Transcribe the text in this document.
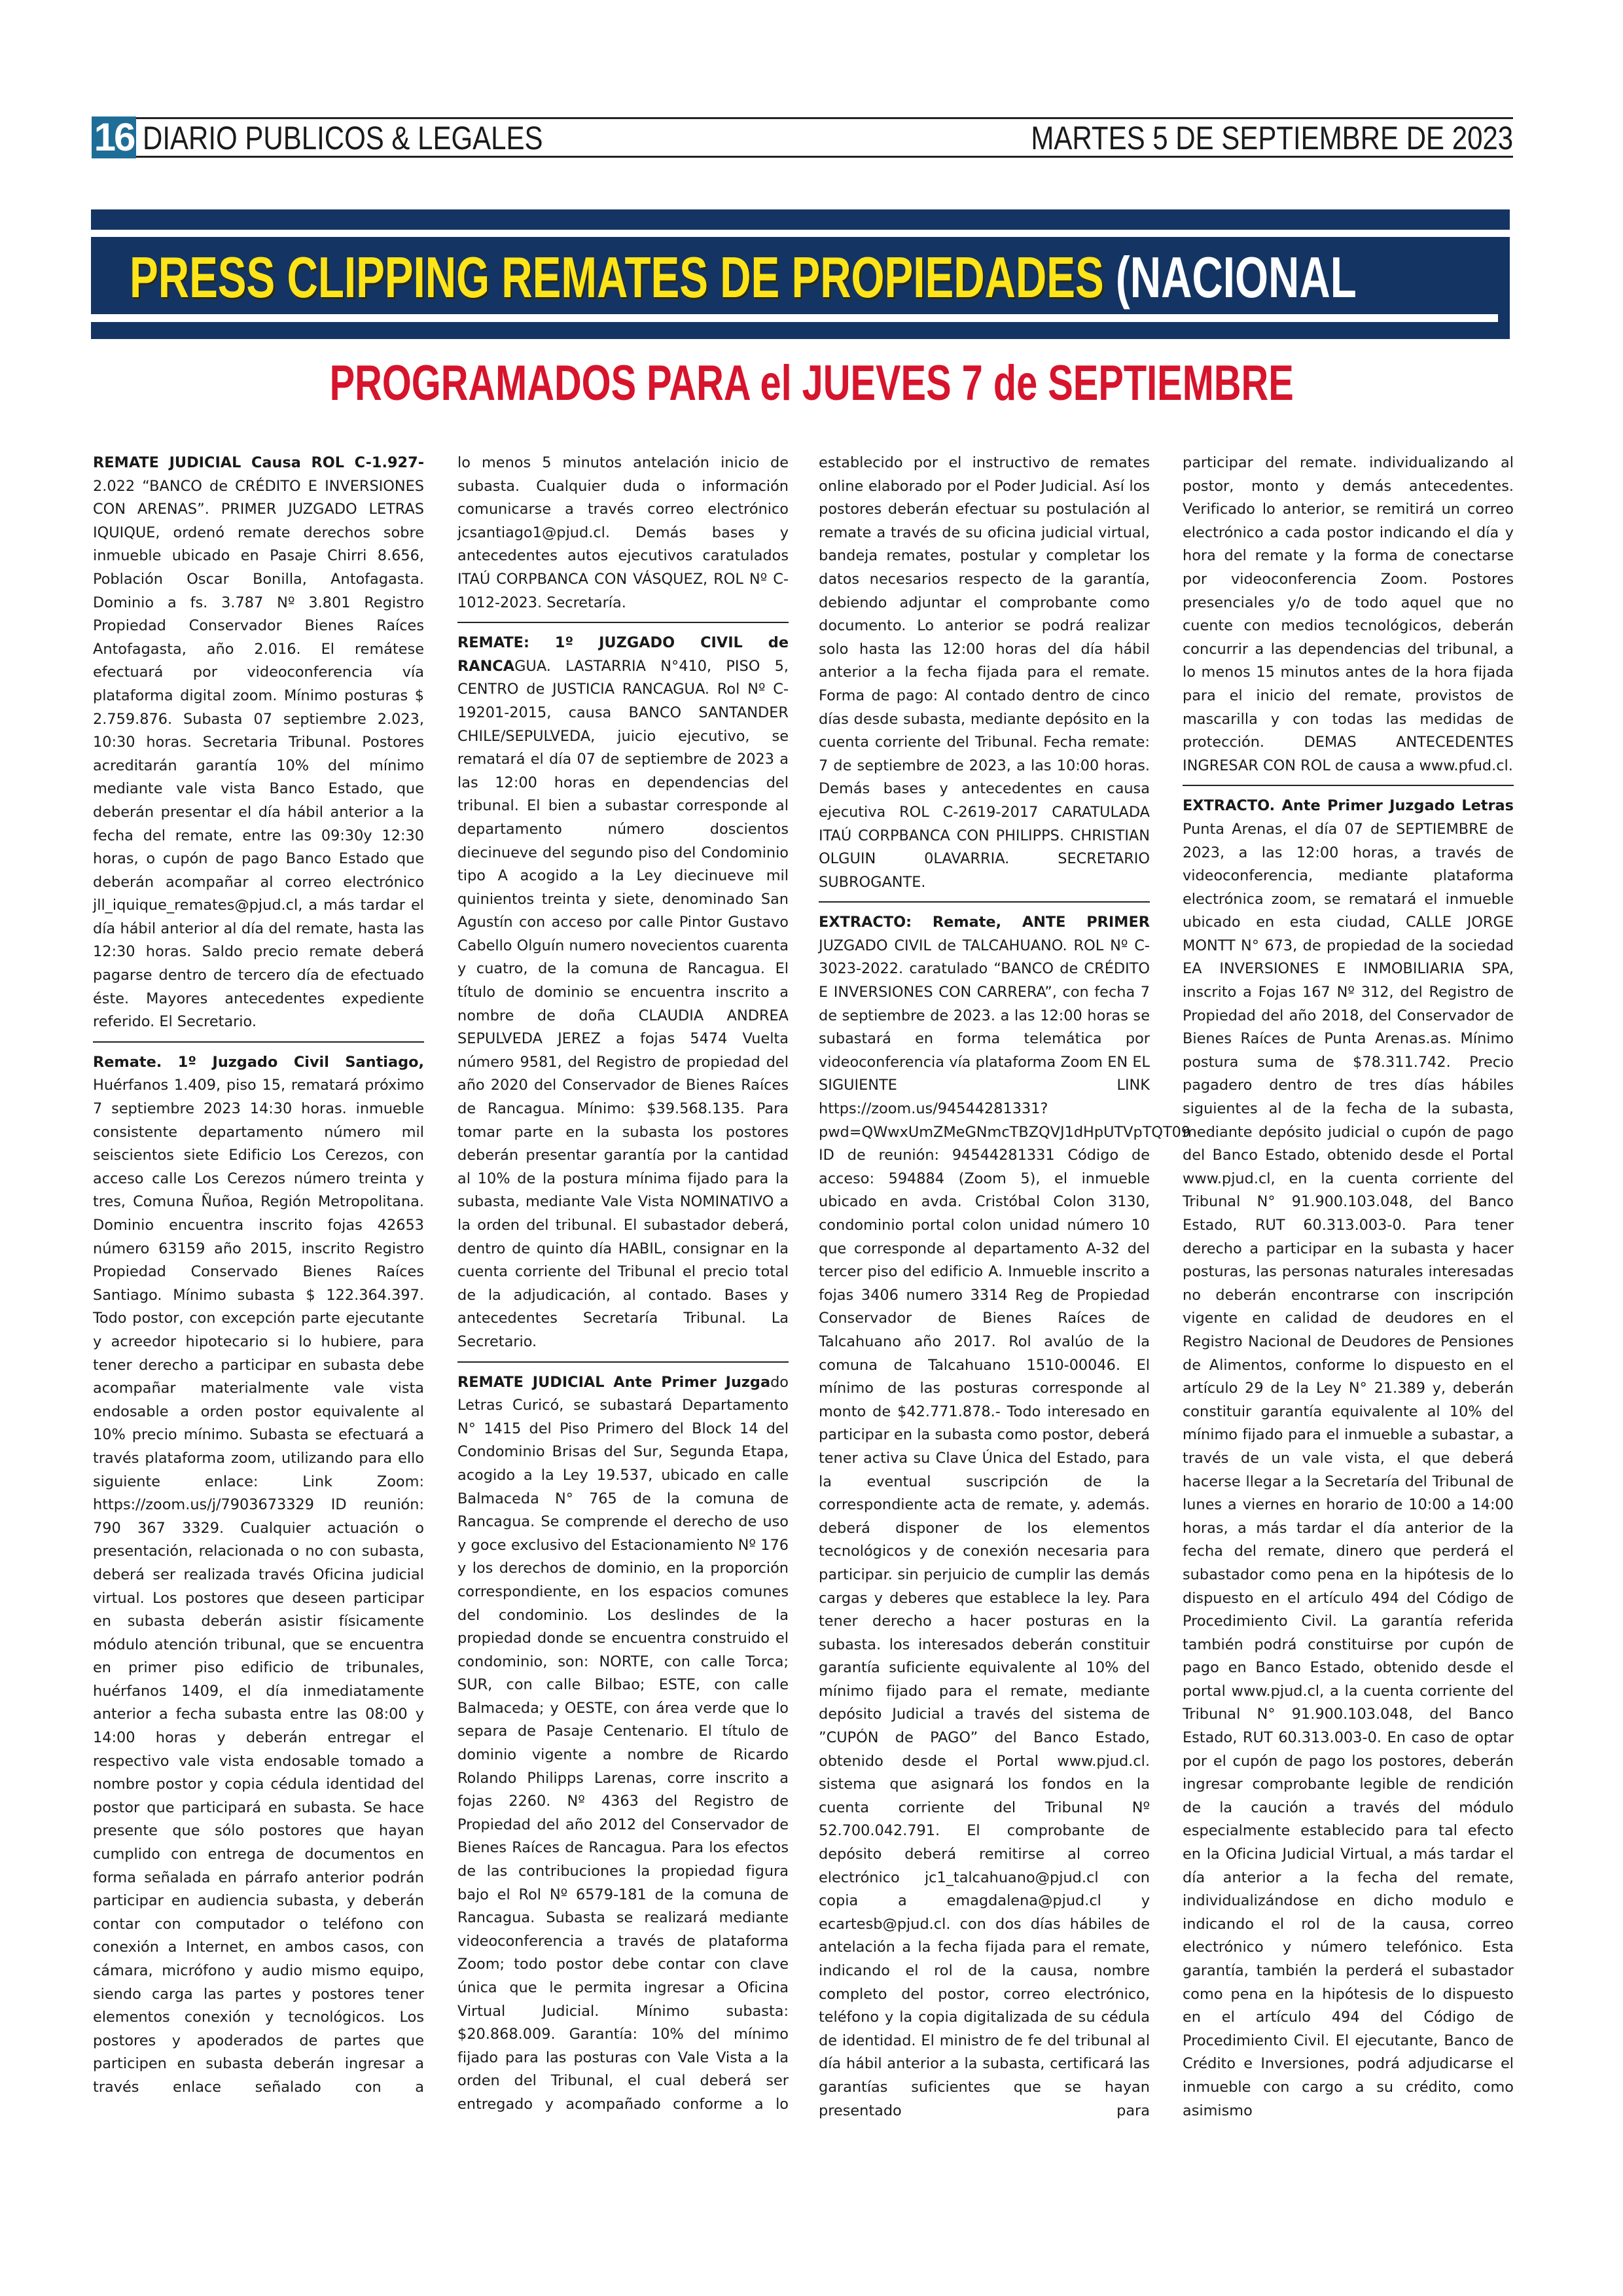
16 DIARIO PUBLICOS & LEGALES	MARTES 5 DE SEPTIEMBRE DE 2023
PRESS CLIPPING REMATES DE PROPIEDADES (NACIONAL
PROGRAMADOS PARA el JUEVES 7 de SEPTIEMBRE

REMATE JUDICIAL Causa ROL C-1.927-2.022 “BANCO de CRÉDITO E INVERSIONES CON ARENAS”. PRIMER JUZGADO LETRAS IQUIQUE, ordenó remate derechos sobre inmueble ubicado en Pasaje Chirri 8.656, Población Oscar Bonilla, Antofagasta. Dominio a fs. 3.787 Nº 3.801 Registro Propiedad Conservador Bienes Raíces Antofagasta, año 2.016. El remátese efectuará por videoconferencia vía plataforma digital zoom. Mínimo posturas $ 2.759.876. Subasta 07 septiembre 2.023, 10:30 horas. Secretaria Tribunal. Postores acreditarán garantía 10% del mínimo mediante vale vista Banco Estado, que deberán presentar el día hábil anterior a la fecha del remate, entre las 09:30y 12:30 horas, o cupón de pago Banco Estado que deberán acompañar al correo electrónico jll_iquique_remates@pjud.cl, a más tardar el día hábil anterior al día del remate, hasta las 12:30 horas. Saldo precio remate deberá pagarse dentro de tercero día de efectuado éste. Mayores antecedentes expediente referido. El Secretario.

Remate. 1º Juzgado Civil Santiago, Huérfanos 1.409, piso 15, rematará próximo 7 septiembre 2023 14:30 horas. inmueble consistente departamento número mil seiscientos siete Edificio Los Cerezos, con acceso calle Los Cerezos número treinta y tres, Comuna Ñuñoa, Región Metropolitana. Dominio encuentra inscrito fojas 42653 número 63159 año 2015, inscrito Registro Propiedad Conservado Bienes Raíces Santiago. Mínimo subasta $ 122.364.397. Todo postor, con excepción parte ejecutante y acreedor hipotecario si lo hubiere, para tener derecho a participar en subasta debe acompañar materialmente vale vista endosable a orden postor equivalente al 10% precio mínimo. Subasta se efectuará a través plataforma zoom, utilizando para ello siguiente enlace: Link Zoom: https://zoom.us/j/7903673329 ID reunión: 790 367 3329. Cualquier actuación o presentación, relacionada o no con subasta, deberá ser realizada través Oficina judicial virtual. Los postores que deseen participar en subasta deberán asistir físicamente módulo atención tribunal, que se encuentra en primer piso edificio de tribunales, huérfanos 1409, el día inmediatamente anterior a fecha subasta entre las 08:00 y 14:00 horas y deberán entregar el respectivo vale vista endosable tomado a nombre postor y copia cédula identidad del postor que participará en subasta. Se hace presente que sólo postores que hayan cumplido con entrega de documentos en forma señalada en párrafo anterior podrán participar en audiencia subasta, y deberán contar con computador o teléfono con conexión a Internet, en ambos casos, con cámara, micrófono y audio mismo equipo, siendo carga las partes y postores tener elementos conexión y tecnológicos. Los postores y apoderados de partes que participen en subasta deberán ingresar a través enlace señalado con a

lo menos 5 minutos antelación inicio de subasta. Cualquier duda o información comunicarse a través correo electrónico jcsantiago1@pjud.cl. Demás bases y antecedentes autos ejecutivos caratulados ITAÚ CORPBANCA CON VÁSQUEZ, ROL Nº C-1012-2023. Secretaría.

REMATE: 1º JUZGADO CIVIL de RANCAGUA. LASTARRIA N°410, PISO 5, CENTRO de JUSTICIA RANCAGUA. Rol Nº C-19201-2015, causa BANCO SANTANDER CHILE/SEPULVEDA, juicio ejecutivo, se rematará el día 07 de septiembre de 2023 a las 12:00 horas en dependencias del tribunal. El bien a subastar corresponde al departamento número doscientos diecinueve del segundo piso del Condominio tipo A acogido a la Ley diecinueve mil quinientos treinta y siete, denominado San Agustín con acceso por calle Pintor Gustavo Cabello Olguín numero novecientos cuarenta y cuatro, de la comuna de Rancagua. El título de dominio se encuentra inscrito a nombre de doña CLAUDIA ANDREA SEPULVEDA JEREZ a fojas 5474 Vuelta número 9581, del Registro de propiedad del año 2020 del Conservador de Bienes Raíces de Rancagua. Mínimo: $39.568.135. Para tomar parte en la subasta los postores deberán presentar garantía por la cantidad al 10% de la postura mínima fijado para la subasta, mediante Vale Vista NOMINATIVO a la orden del tribunal. El subastador deberá, dentro de quinto día HABIL, consignar en la cuenta corriente del Tribunal el precio total de la adjudicación, al contado. Bases y antecedentes Secretaría Tribunal. La Secretario.

REMATE JUDICIAL Ante Primer Juzgado Letras Curicó, se subastará Departamento N° 1415 del Piso Primero del Block 14 del Condominio Brisas del Sur, Segunda Etapa, acogido a la Ley 19.537, ubicado en calle Balmaceda N° 765 de la comuna de Rancagua. Se comprende el derecho de uso y goce exclusivo del Estacionamiento Nº 176 y los derechos de dominio, en la proporción correspondiente, en los espacios comunes del condominio. Los deslindes de la propiedad donde se encuentra construido el condominio, son: NORTE, con calle Torca; SUR, con calle Bilbao; ESTE, con calle Balmaceda; y OESTE, con área verde que lo separa de Pasaje Centenario. El título de dominio vigente a nombre de Ricardo Rolando Philipps Larenas, corre inscrito a fojas 2260. Nº 4363 del Registro de Propiedad del año 2012 del Conservador de Bienes Raíces de Rancagua. Para los efectos de las contribuciones la propiedad figura bajo el Rol Nº 6579-181 de la comuna de Rancagua. Subasta se realizará mediante videoconferencia a través de plataforma Zoom; todo postor debe contar con clave única que le permita ingresar a Oficina Virtual Judicial. Mínimo subasta: $20.868.009. Garantía: 10% del mínimo fijado para las posturas con Vale Vista a la orden del Tribunal, el cual deberá ser entregado y acompañado conforme a lo

establecido por el instructivo de remates online elaborado por el Poder Judicial. Así los postores deberán efectuar su postulación al remate a través de su oficina judicial virtual, bandeja remates, postular y completar los datos necesarios respecto de la garantía, debiendo adjuntar el comprobante como documento. Lo anterior se podrá realizar solo hasta las 12:00 horas del día hábil anterior a la fecha fijada para el remate. Forma de pago: Al contado dentro de cinco días desde subasta, mediante depósito en la cuenta corriente del Tribunal. Fecha remate: 7 de septiembre de 2023, a las 10:00 horas. Demás bases y antecedentes en causa ejecutiva ROL C-2619-2017 CARATULADA ITAÚ CORPBANCA CON PHILIPPS. CHRISTIAN OLGUIN 0LAVARRIA. SECRETARIO SUBROGANTE.

EXTRACTO: Remate, ANTE PRIMER JUZGADO CIVIL de TALCAHUANO. ROL Nº C-3023-2022. caratulado “BANCO de CRÉDITO E INVERSIONES CON CARRERA”, con fecha 7 de septiembre de 2023. a las 12:00 horas se subastará en forma telemática por videoconferencia vía plataforma Zoom EN EL SIGUIENTE LINK https://zoom.us/94544281331?pwd=QWwxUmZMeGNmcTBZQVJ1dHpUTVpTQT09 ID de reunión: 94544281331 Código de acceso: 594884 (Zoom 5), el inmueble ubicado en avda. Cristóbal Colon 3130, condominio portal colon unidad número 10 que corresponde al departamento A-32 del tercer piso del edificio A. Inmueble inscrito a fojas 3406 numero 3314 Reg de Propiedad Conservador de Bienes Raíces de Talcahuano año 2017. Rol avalúo de la comuna de Talcahuano 1510-00046. El mínimo de las posturas corresponde al monto de $42.771.878.- Todo interesado en participar en la subasta como postor, deberá tener activa su Clave Única del Estado, para la eventual suscripción de la correspondiente acta de remate, y. además. deberá disponer de los elementos tecnológicos y de conexión necesaria para participar. sin perjuicio de cumplir las demás cargas y deberes que establece la ley. Para tener derecho a hacer posturas en la subasta. los interesados deberán constituir garantía suficiente equivalente al 10% del mínimo fijado para el remate, mediante depósito Judicial a través del sistema de ”CUPÓN de PAGO” del Banco Estado, obtenido desde el Portal www.pjud.cl. sistema que asignará los fondos en la cuenta corriente del Tribunal Nº 52.700.042.791. El comprobante de depósito deberá remitirse al correo electrónico jc1_talcahuano@pjud.cl con copia a emagdalena@pjud.cl y ecartesb@pjud.cl. con dos días hábiles de antelación a la fecha fijada para el remate, indicando el rol de la causa, nombre completo del postor, correo electrónico, teléfono y la copia digitalizada de su cédula de identidad. El ministro de fe del tribunal al día hábil anterior a la subasta, certificará las garantías suficientes que se hayan presentado para

participar del remate. individualizando al postor, monto y demás antecedentes. Verificado lo anterior, se remitirá un correo electrónico a cada postor indicando el día y hora del remate y la forma de conectarse por videoconferencia Zoom. Postores presenciales y/o de todo aquel que no cuente con medios tecnológicos, deberán concurrir a las dependencias del tribunal, a lo menos 15 minutos antes de la hora fijada para el inicio del remate, provistos de mascarilla y con todas las medidas de protección. DEMAS ANTECEDENTES INGRESAR CON ROL de causa a www.pfud.cl.

EXTRACTO. Ante Primer Juzgado Letras Punta Arenas, el día 07 de SEPTIEMBRE de 2023, a las 12:00 horas, a través de videoconferencia, mediante plataforma electrónica zoom, se rematará el inmueble ubicado en esta ciudad, CALLE JORGE MONTT N° 673, de propiedad de la sociedad EA INVERSIONES E INMOBILIARIA SPA, inscrito a Fojas 167 Nº 312, del Registro de Propiedad del año 2018, del Conservador de Bienes Raíces de Punta Arenas.as. Mínimo postura suma de $78.311.742. Precio pagadero dentro de tres días hábiles siguientes al de la fecha de la subasta, mediante depósito judicial o cupón de pago del Banco Estado, obtenido desde el Portal www.pjud.cl, en la cuenta corriente del Tribunal N° 91.900.103.048, del Banco Estado, RUT 60.313.003-0. Para tener derecho a participar en la subasta y hacer posturas, las personas naturales interesadas no deberán encontrarse con inscripción vigente en calidad de deudores en el Registro Nacional de Deudores de Pensiones de Alimentos, conforme lo dispuesto en el artículo 29 de la Ley N° 21.389 y, deberán constituir garantía equivalente al 10% del mínimo fijado para el inmueble a subastar, a través de un vale vista, el que deberá hacerse llegar a la Secretaría del Tribunal de lunes a viernes en horario de 10:00 a 14:00 horas, a más tardar el día anterior de la fecha del remate, dinero que perderá el subastador como pena en la hipótesis de lo dispuesto en el artículo 494 del Código de Procedimiento Civil. La garantía referida también podrá constituirse por cupón de pago en Banco Estado, obtenido desde el portal www.pjud.cl, a la cuenta corriente del Tribunal N° 91.900.103.048, del Banco Estado, RUT 60.313.003-0. En caso de optar por el cupón de pago los postores, deberán ingresar comprobante legible de rendición de la caución a través del módulo especialmente establecido para tal efecto en la Oficina Judicial Virtual, a más tardar el día anterior a la fecha del remate, individualizándose en dicho modulo e indicando el rol de la causa, correo electrónico y número telefónico. Esta garantía, también la perderá el subastador como pena en la hipótesis de lo dispuesto en el artículo 494 del Código de Procedimiento Civil. El ejecutante, Banco de Crédito e Inversiones, podrá adjudicarse el inmueble con cargo a su crédito, como asimismo
